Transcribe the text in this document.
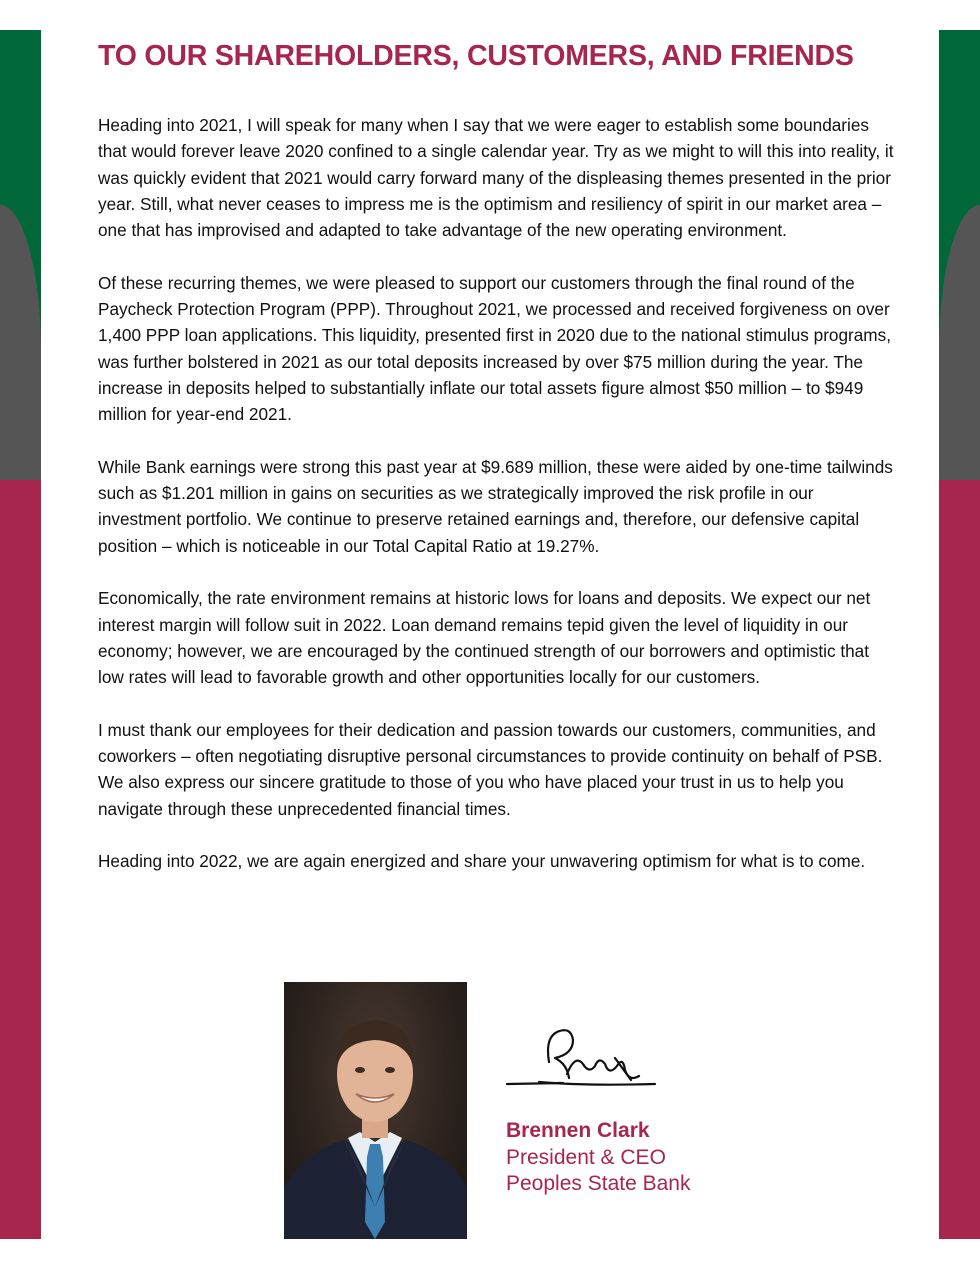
TO OUR SHAREHOLDERS, CUSTOMERS, AND FRIENDS

Heading into 2021, I will speak for many when I say that we were eager to establish some boundaries that would forever leave 2020 confined to a single calendar year. Try as we might to will this into reality, it was quickly evident that 2021 would carry forward many of the displeasing themes presented in the prior year. Still, what never ceases to impress me is the optimism and resiliency of spirit in our market area – one that has improvised and adapted to take advantage of the new operating environment.

Of these recurring themes, we were pleased to support our customers through the final round of the Paycheck Protection Program (PPP). Throughout 2021, we processed and received forgiveness on over 1,400 PPP loan applications. This liquidity, presented first in 2020 due to the national stimulus programs, was further bolstered in 2021 as our total deposits increased by over $75 million during the year. The increase in deposits helped to substantially inflate our total assets figure almost $50 million – to $949 million for year-end 2021.

While Bank earnings were strong this past year at $9.689 million, these were aided by one-time tailwinds such as $1.201 million in gains on securities as we strategically improved the risk profile in our investment portfolio. We continue to preserve retained earnings and, therefore, our defensive capital position – which is noticeable in our Total Capital Ratio at 19.27%.

Economically, the rate environment remains at historic lows for loans and deposits. We expect our net interest margin will follow suit in 2022. Loan demand remains tepid given the level of liquidity in our economy; however, we are encouraged by the continued strength of our borrowers and optimistic that low rates will lead to favorable growth and other opportunities locally for our customers.

I must thank our employees for their dedication and passion towards our customers, communities, and coworkers – often negotiating disruptive personal circumstances to provide continuity on behalf of PSB. We also express our sincere gratitude to those of you who have placed your trust in us to help you navigate through these unprecedented financial times.

Heading into 2022, we are again energized and share your unwavering optimism for what is to come.

Brennen Clark

President & CEO

Peoples State Bank
